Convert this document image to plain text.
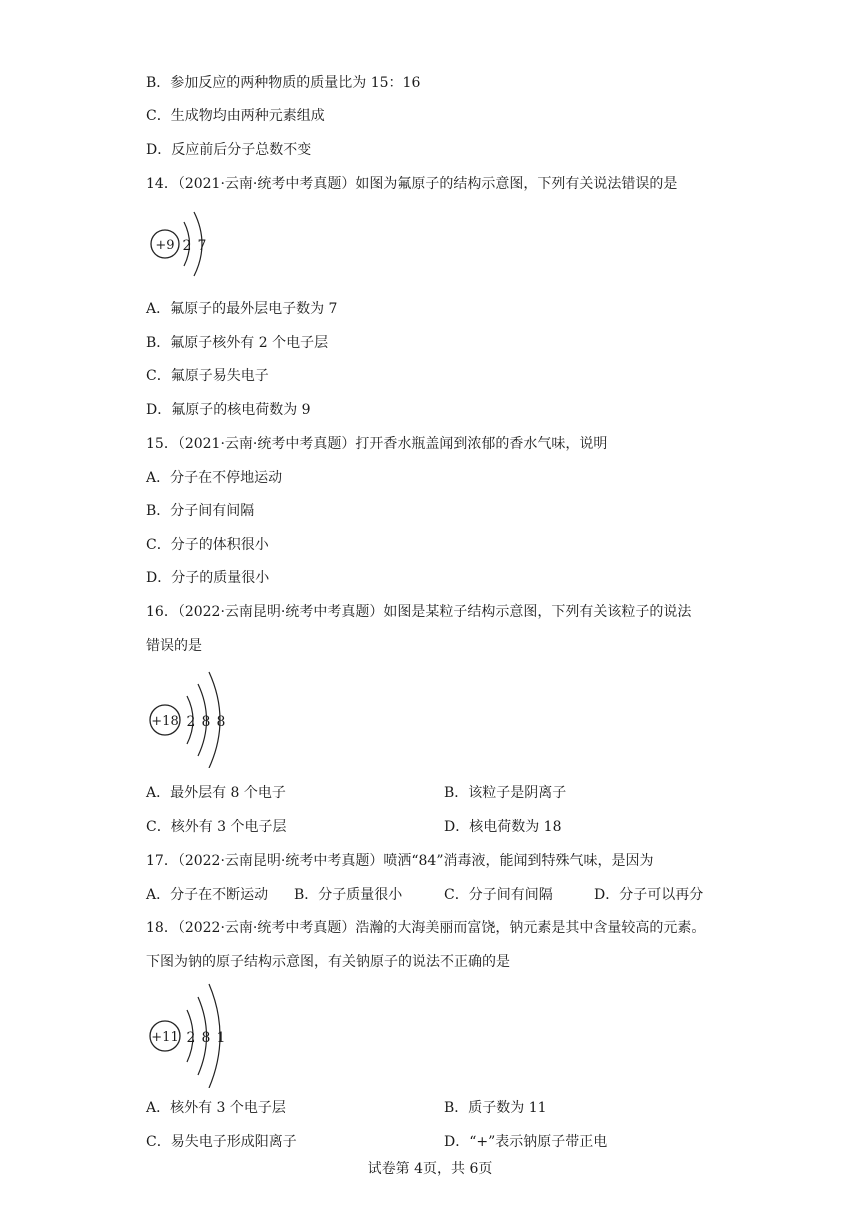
B．参加反应的两种物质的质量比为 15：16
C．生成物均由两种元素组成
D．反应前后分子总数不变
14．（2021·云南·统考中考真题）如图为氟原子的结构示意图，下列有关说法错误的是
+9 2 7
A．氟原子的最外层电子数为 7
B．氟原子核外有 2 个电子层
C．氟原子易失电子
D．氟原子的核电荷数为 9
15．（2021·云南·统考中考真题）打开香水瓶盖闻到浓郁的香水气味，说明
A．分子在不停地运动
B．分子间有间隔
C．分子的体积很小
D．分子的质量很小
16．（2022·云南昆明·统考中考真题）如图是某粒子结构示意图，下列有关该粒子的说法
错误的是
+18 2 8 8
A．最外层有 8 个电子	B．该粒子是阴离子
C．核外有 3 个电子层	D．核电荷数为 18
17．（2022·云南昆明·统考中考真题）喷洒“84”消毒液，能闻到特殊气味，是因为
A．分子在不断运动 B．分子质量很小	C．分子间有间隔	D．分子可以再分
18．（2022·云南·统考中考真题）浩瀚的大海美丽而富饶，钠元素是其中含量较高的元素。
下图为钠的原子结构示意图，有关钠原子的说法不正确的是
+11 2 8 1
A．核外有 3 个电子层	B．质子数为 11
C．易失电子形成阳离子	D．“+”表示钠原子带正电
试卷第 4页，共 6页
